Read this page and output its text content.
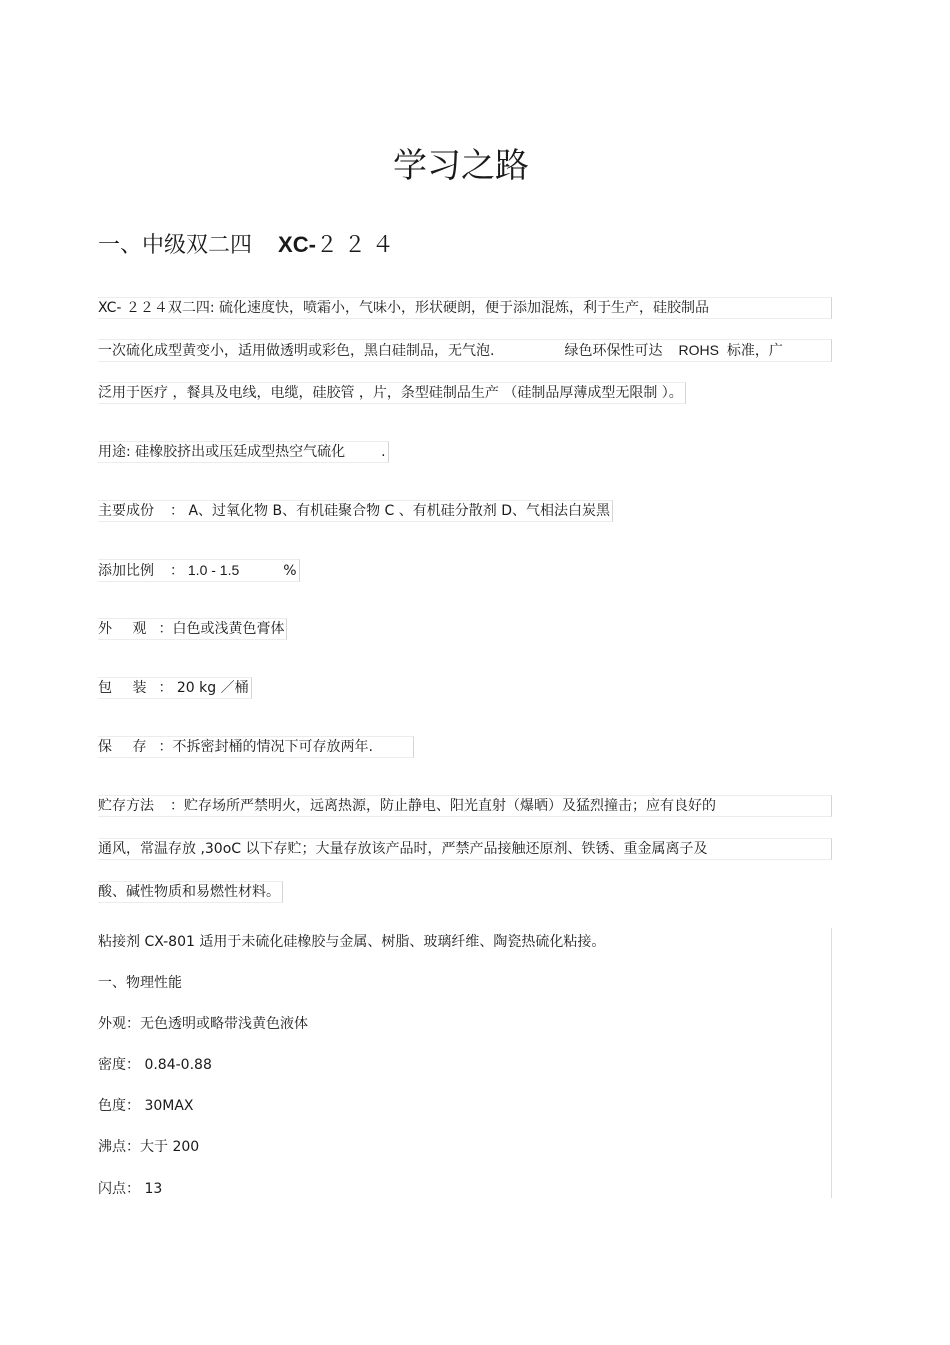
学习之路
一、中级双二四 XC-２２４
XC- ２２４双二四: 硫化速度快，喷霜小，气味小，形状硬朗，便于添加混炼，利于生产，硅胶制品
一次硫化成型黄变小，适用做透明或彩色，黑白硅制品，无气泡.	绿色环保性可达 ROHS 标准，广
泛用于医疗 ，餐具及电线，电缆，硅胶管 ，片，条型硅制品生产 （硅制品厚薄成型无限制 ）。
用途: 硅橡胶挤出或压廷成型热空气硫化	.
主要成份 ： A、过氧化物 B、有机硅聚合物 C 、有机硅分散剂 D、气相法白炭黑
添加比例 ： 1.0 - 1.5	%
外 观 ：白色或浅黄色膏体
包 装 ： 20 kg ／桶
保 存 ：不拆密封桶的情况下可存放两年.
贮存方法 ：贮存场所严禁明火，远离热源，防止静电、阳光直射（爆晒）及猛烈撞击；应有良好的
通风，常温存放 ,30oC 以下存贮；大量存放该产品时，严禁产品接触还原剂、铁锈、重金属离子及
酸、碱性物质和易燃性材料。
粘接剂 CX-801 适用于未硫化硅橡胶与金属、树脂、玻璃纤维、陶瓷热硫化粘接。
一、物理性能
外观：无色透明或略带浅黄色液体
密度： 0.84-0.88
色度： 30MAX
沸点：大于 200
闪点： 13
